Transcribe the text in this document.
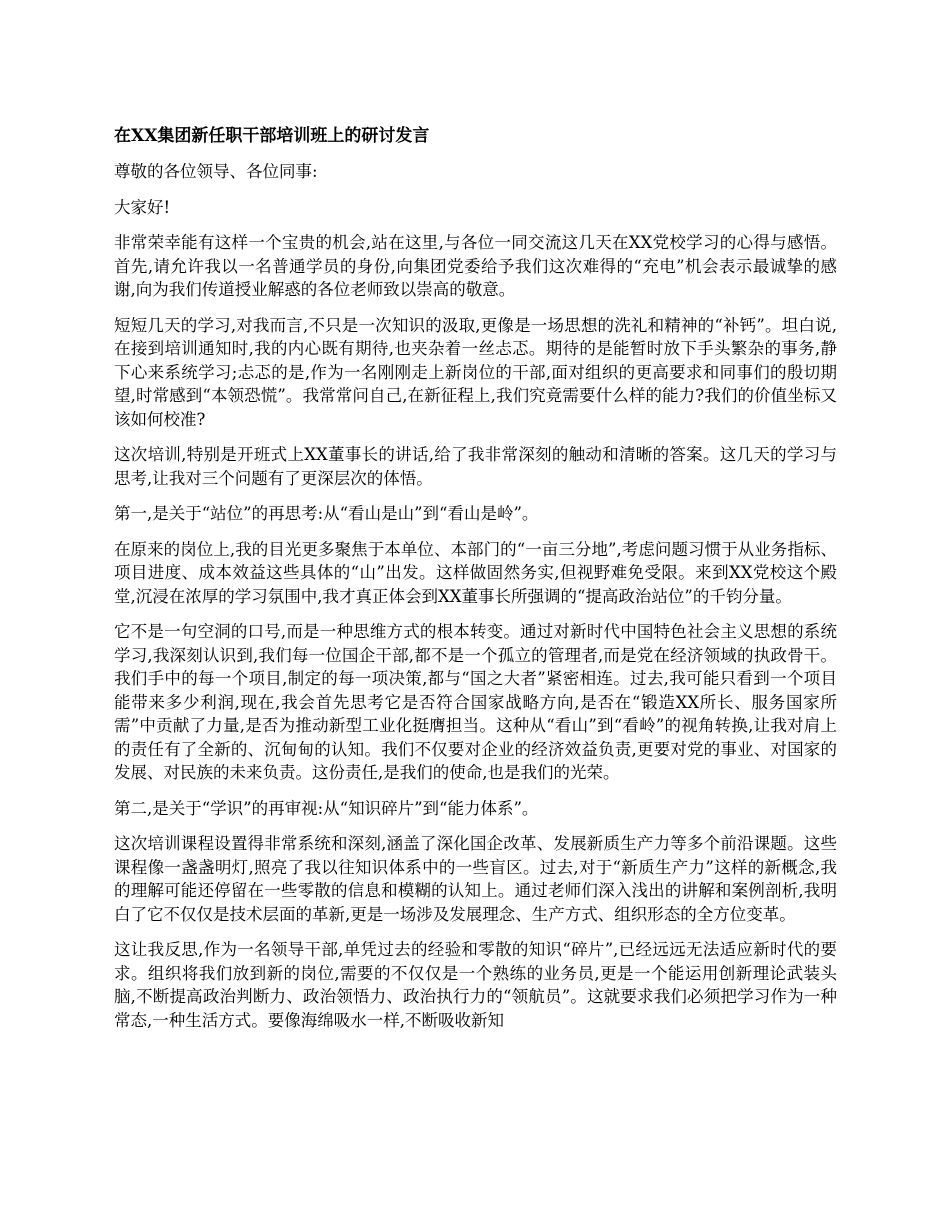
在XX集团新任职干部培训班上的研讨发言

尊敬的各位领导、各位同事:

大家好!

非常荣幸能有这样一个宝贵的机会,站在这里,与各位一同交流这几天在XX党校学习的心得与感悟。首先,请允许我以一名普通学员的身份,向集团党委给予我们这次难得的“充电”机会表示最诚挚的感谢,向为我们传道授业解惑的各位老师致以崇高的敬意。

短短几天的学习,对我而言,不只是一次知识的汲取,更像是一场思想的洗礼和精神的“补钙”。坦白说,在接到培训通知时,我的内心既有期待,也夹杂着一丝忐忑。期待的是能暂时放下手头繁杂的事务,静下心来系统学习;忐忑的是,作为一名刚刚走上新岗位的干部,面对组织的更高要求和同事们的殷切期望,时常感到“本领恐慌”。我常常问自己,在新征程上,我们究竟需要什么样的能力?我们的价值坐标又该如何校准?

这次培训,特别是开班式上XX董事长的讲话,给了我非常深刻的触动和清晰的答案。这几天的学习与思考,让我对三个问题有了更深层次的体悟。

第一,是关于“站位”的再思考:从“看山是山”到“看山是岭”。

在原来的岗位上,我的目光更多聚焦于本单位、本部门的“一亩三分地”,考虑问题习惯于从业务指标、项目进度、成本效益这些具体的“山”出发。这样做固然务实,但视野难免受限。来到XX党校这个殿堂,沉浸在浓厚的学习氛围中,我才真正体会到XX董事长所强调的“提高政治站位”的千钧分量。

它不是一句空洞的口号,而是一种思维方式的根本转变。通过对新时代中国特色社会主义思想的系统学习,我深刻认识到,我们每一位国企干部,都不是一个孤立的管理者,而是党在经济领域的执政骨干。我们手中的每一个项目,制定的每一项决策,都与“国之大者”紧密相连。过去,我可能只看到一个项目能带来多少利润,现在,我会首先思考它是否符合国家战略方向,是否在“锻造XX所长、服务国家所需”中贡献了力量,是否为推动新型工业化挺膺担当。这种从“看山”到“看岭”的视角转换,让我对肩上的责任有了全新的、沉甸甸的认知。我们不仅要对企业的经济效益负责,更要对党的事业、对国家的发展、对民族的未来负责。这份责任,是我们的使命,也是我们的光荣。

第二,是关于“学识”的再审视:从“知识碎片”到“能力体系”。

这次培训课程设置得非常系统和深刻,涵盖了深化国企改革、发展新质生产力等多个前沿课题。这些课程像一盏盏明灯,照亮了我以往知识体系中的一些盲区。过去,对于“新质生产力”这样的新概念,我的理解可能还停留在一些零散的信息和模糊的认知上。通过老师们深入浅出的讲解和案例剖析,我明白了它不仅仅是技术层面的革新,更是一场涉及发展理念、生产方式、组织形态的全方位变革。

这让我反思,作为一名领导干部,单凭过去的经验和零散的知识“碎片”,已经远远无法适应新时代的要求。组织将我们放到新的岗位,需要的不仅仅是一个熟练的业务员,更是一个能运用创新理论武装头脑,不断提高政治判断力、政治领悟力、政治执行力的“领航员”。这就要求我们必须把学习作为一种常态,一种生活方式。要像海绵吸水一样,不断吸收新知
